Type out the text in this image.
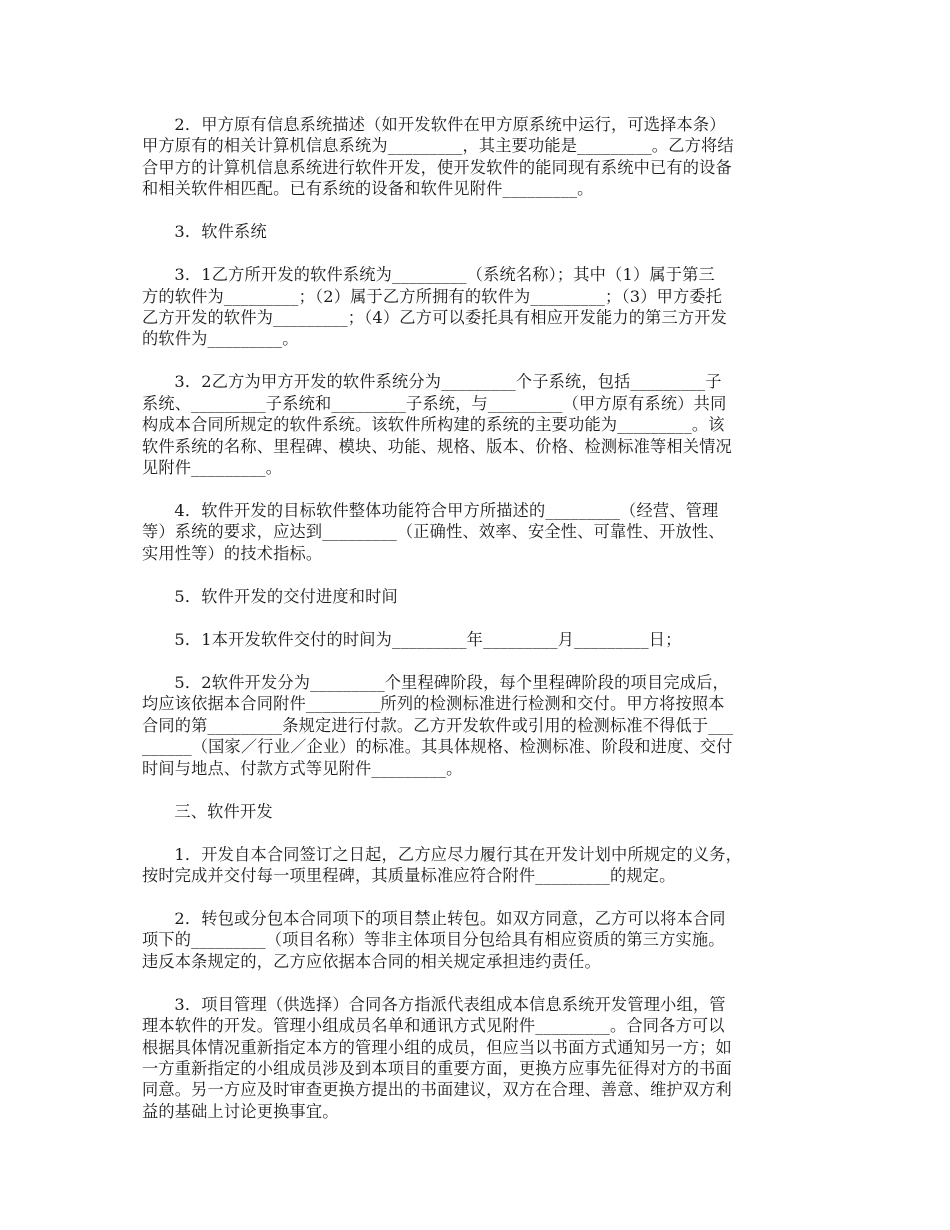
2．甲方原有信息系统描述（如开发软件在甲方原系统中运行，可选择本条）
甲方原有的相关计算机信息系统为_________，其主要功能是_________。乙方将结
合甲方的计算机信息系统进行软件开发，使开发软件的能同现有系统中已有的设备
和相关软件相匹配。已有系统的设备和软件见附件_________。
3．软件系统
3．1乙方所开发的软件系统为_________（系统名称）；其中（1）属于第三
方的软件为_________；（2）属于乙方所拥有的软件为_________；（3）甲方委托
乙方开发的软件为_________；（4）乙方可以委托具有相应开发能力的第三方开发
的软件为_________。
3．2乙方为甲方开发的软件系统分为_________个子系统，包括_________子
系统、_________子系统和_________子系统，与_________（甲方原有系统）共同
构成本合同所规定的软件系统。该软件所构建的系统的主要功能为_________。该
软件系统的名称、里程碑、模块、功能、规格、版本、价格、检测标准等相关情况
见附件_________。
4．软件开发的目标软件整体功能符合甲方所描述的_________（经营、管理
等）系统的要求，应达到_________（正确性、效率、安全性、可靠性、开放性、
实用性等）的技术指标。
5．软件开发的交付进度和时间
5．1本开发软件交付的时间为_________年_________月_________日；
5．2软件开发分为_________个里程碑阶段，每个里程碑阶段的项目完成后，
均应该依据本合同附件_________所列的检测标准进行检测和交付。甲方将按照本
合同的第_________条规定进行付款。乙方开发软件或引用的检测标准不得低于___
______（国家／行业／企业）的标准。其具体规格、检测标准、阶段和进度、交付
时间与地点、付款方式等见附件_________。
三、软件开发
1．开发自本合同签订之日起，乙方应尽力履行其在开发计划中所规定的义务，
按时完成并交付每一项里程碑，其质量标准应符合附件_________的规定。
2．转包或分包本合同项下的项目禁止转包。如双方同意，乙方可以将本合同
项下的_________（项目名称）等非主体项目分包给具有相应资质的第三方实施。
违反本条规定的，乙方应依据本合同的相关规定承担违约责任。
3．项目管理（供选择）合同各方指派代表组成本信息系统开发管理小组，管
理本软件的开发。管理小组成员名单和通讯方式见附件_________。合同各方可以
根据具体情况重新指定本方的管理小组的成员，但应当以书面方式通知另一方；如
一方重新指定的小组成员涉及到本项目的重要方面，更换方应事先征得对方的书面
同意。另一方应及时审查更换方提出的书面建议，双方在合理、善意、维护双方利
益的基础上讨论更换事宜。
